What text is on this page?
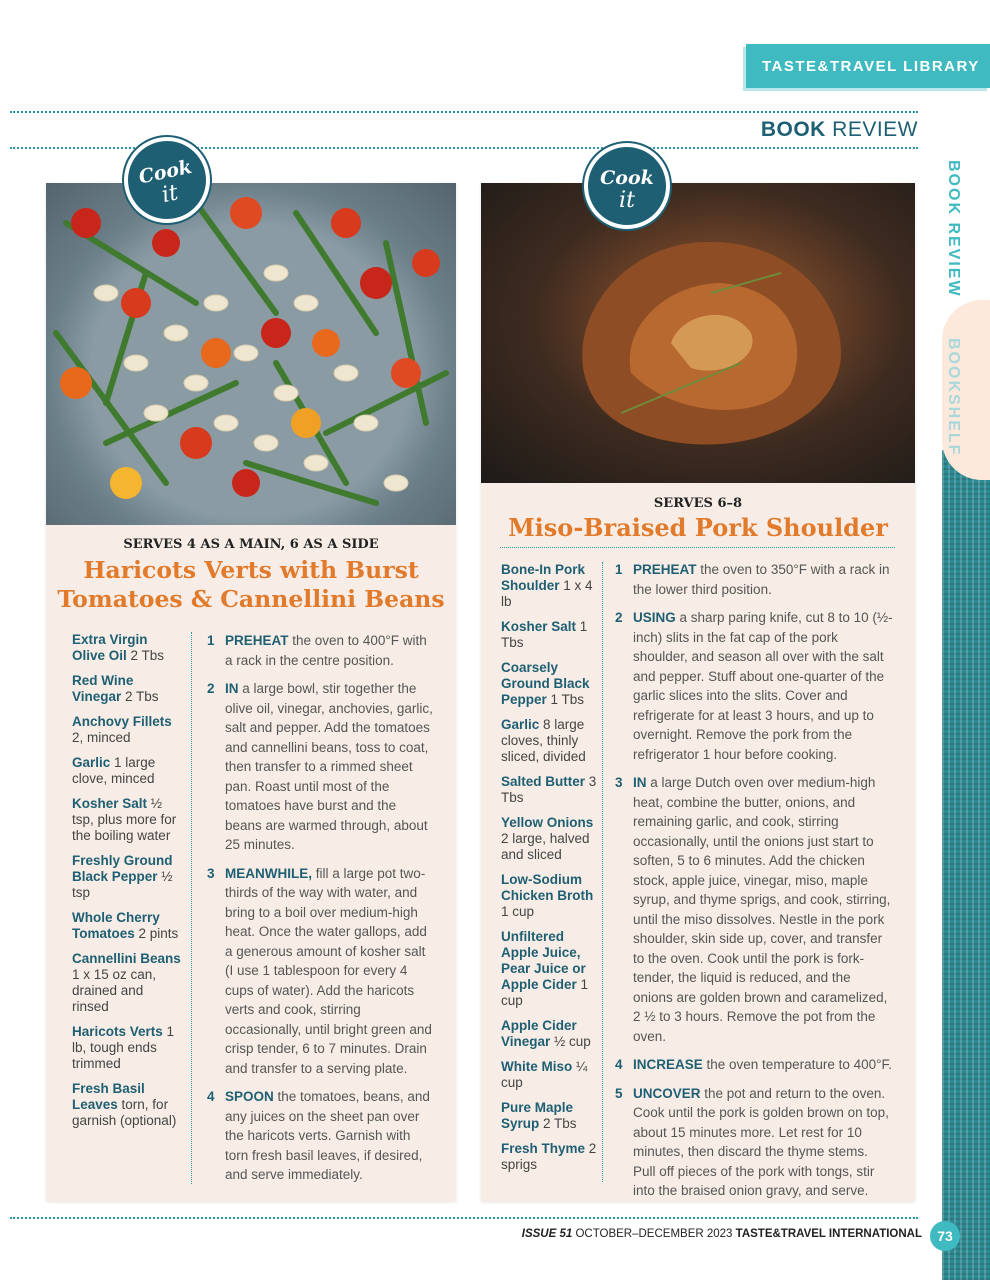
TASTE&TRAVEL LIBRARY
BOOK REVIEW
BOOK REVIEW
BOOKSHELF
Cook
it
Cook
it
SERVES 4 AS A MAIN, 6 AS A SIDE
Haricots Verts with Burst
Tomatoes & Cannellini Beans
Extra Virgin Olive Oil 2 Tbs
Red Wine Vinegar 2 Tbs
Anchovy Fillets 2, minced
Garlic 1 large clove, minced
Kosher Salt ½ tsp, plus more for the boiling water
Freshly Ground Black Pepper ½ tsp
Whole Cherry Tomatoes 2 pints
Cannellini Beans 1 x 15 oz can, drained and rinsed
Haricots Verts 1 lb, tough ends trimmed
Fresh Basil Leaves torn, for garnish (optional)
1 PREHEAT the oven to 400°F with a rack in the centre position.
2 IN a large bowl, stir together the olive oil, vinegar, anchovies, garlic, salt and pepper. Add the tomatoes and cannellini beans, toss to coat, then transfer to a rimmed sheet pan. Roast until most of the tomatoes have burst and the beans are warmed through, about 25 minutes.
3 MEANWHILE, fill a large pot two-thirds of the way with water, and bring to a boil over medium-high heat. Once the water gallops, add a generous amount of kosher salt (I use 1 tablespoon for every 4 cups of water). Add the haricots verts and cook, stirring occasionally, until bright green and crisp tender, 6 to 7 minutes. Drain and transfer to a serving plate.
4 SPOON the tomatoes, beans, and any juices on the sheet pan over the haricots verts. Garnish with torn fresh basil leaves, if desired, and serve immediately.
SERVES 6–8
Miso-Braised Pork Shoulder
Bone-In Pork Shoulder 1 x 4 lb
Kosher Salt 1 Tbs
Coarsely Ground Black Pepper 1 Tbs
Garlic 8 large cloves, thinly sliced, divided
Salted Butter 3 Tbs
Yellow Onions 2 large, halved and sliced
Low-Sodium Chicken Broth 1 cup
Unfiltered Apple Juice, Pear Juice or Apple Cider 1 cup
Apple Cider Vinegar ½ cup
White Miso ¼ cup
Pure Maple Syrup 2 Tbs
Fresh Thyme 2 sprigs
1 PREHEAT the oven to 350°F with a rack in the lower third position.
2 USING a sharp paring knife, cut 8 to 10 (½-inch) slits in the fat cap of the pork shoulder, and season all over with the salt and pepper. Stuff about one-quarter of the garlic slices into the slits. Cover and refrigerate for at least 3 hours, and up to overnight. Remove the pork from the refrigerator 1 hour before cooking.
3 IN a large Dutch oven over medium-high heat, combine the butter, onions, and remaining garlic, and cook, stirring occasionally, until the onions just start to soften, 5 to 6 minutes. Add the chicken stock, apple juice, vinegar, miso, maple syrup, and thyme sprigs, and cook, stirring, until the miso dissolves. Nestle in the pork shoulder, skin side up, cover, and transfer to the oven. Cook until the pork is fork-tender, the liquid is reduced, and the onions are golden brown and caramelized, 2 ½ to 3 hours. Remove the pot from the oven.
4 INCREASE the oven temperature to 400°F.
5 UNCOVER the pot and return to the oven. Cook until the pork is golden brown on top, about 15 minutes more. Let rest for 10 minutes, then discard the thyme stems. Pull off pieces of the pork with tongs, stir into the braised onion gravy, and serve.
ISSUE 51 OCTOBER–DECEMBER 2023 TASTE&TRAVEL INTERNATIONAL	73
